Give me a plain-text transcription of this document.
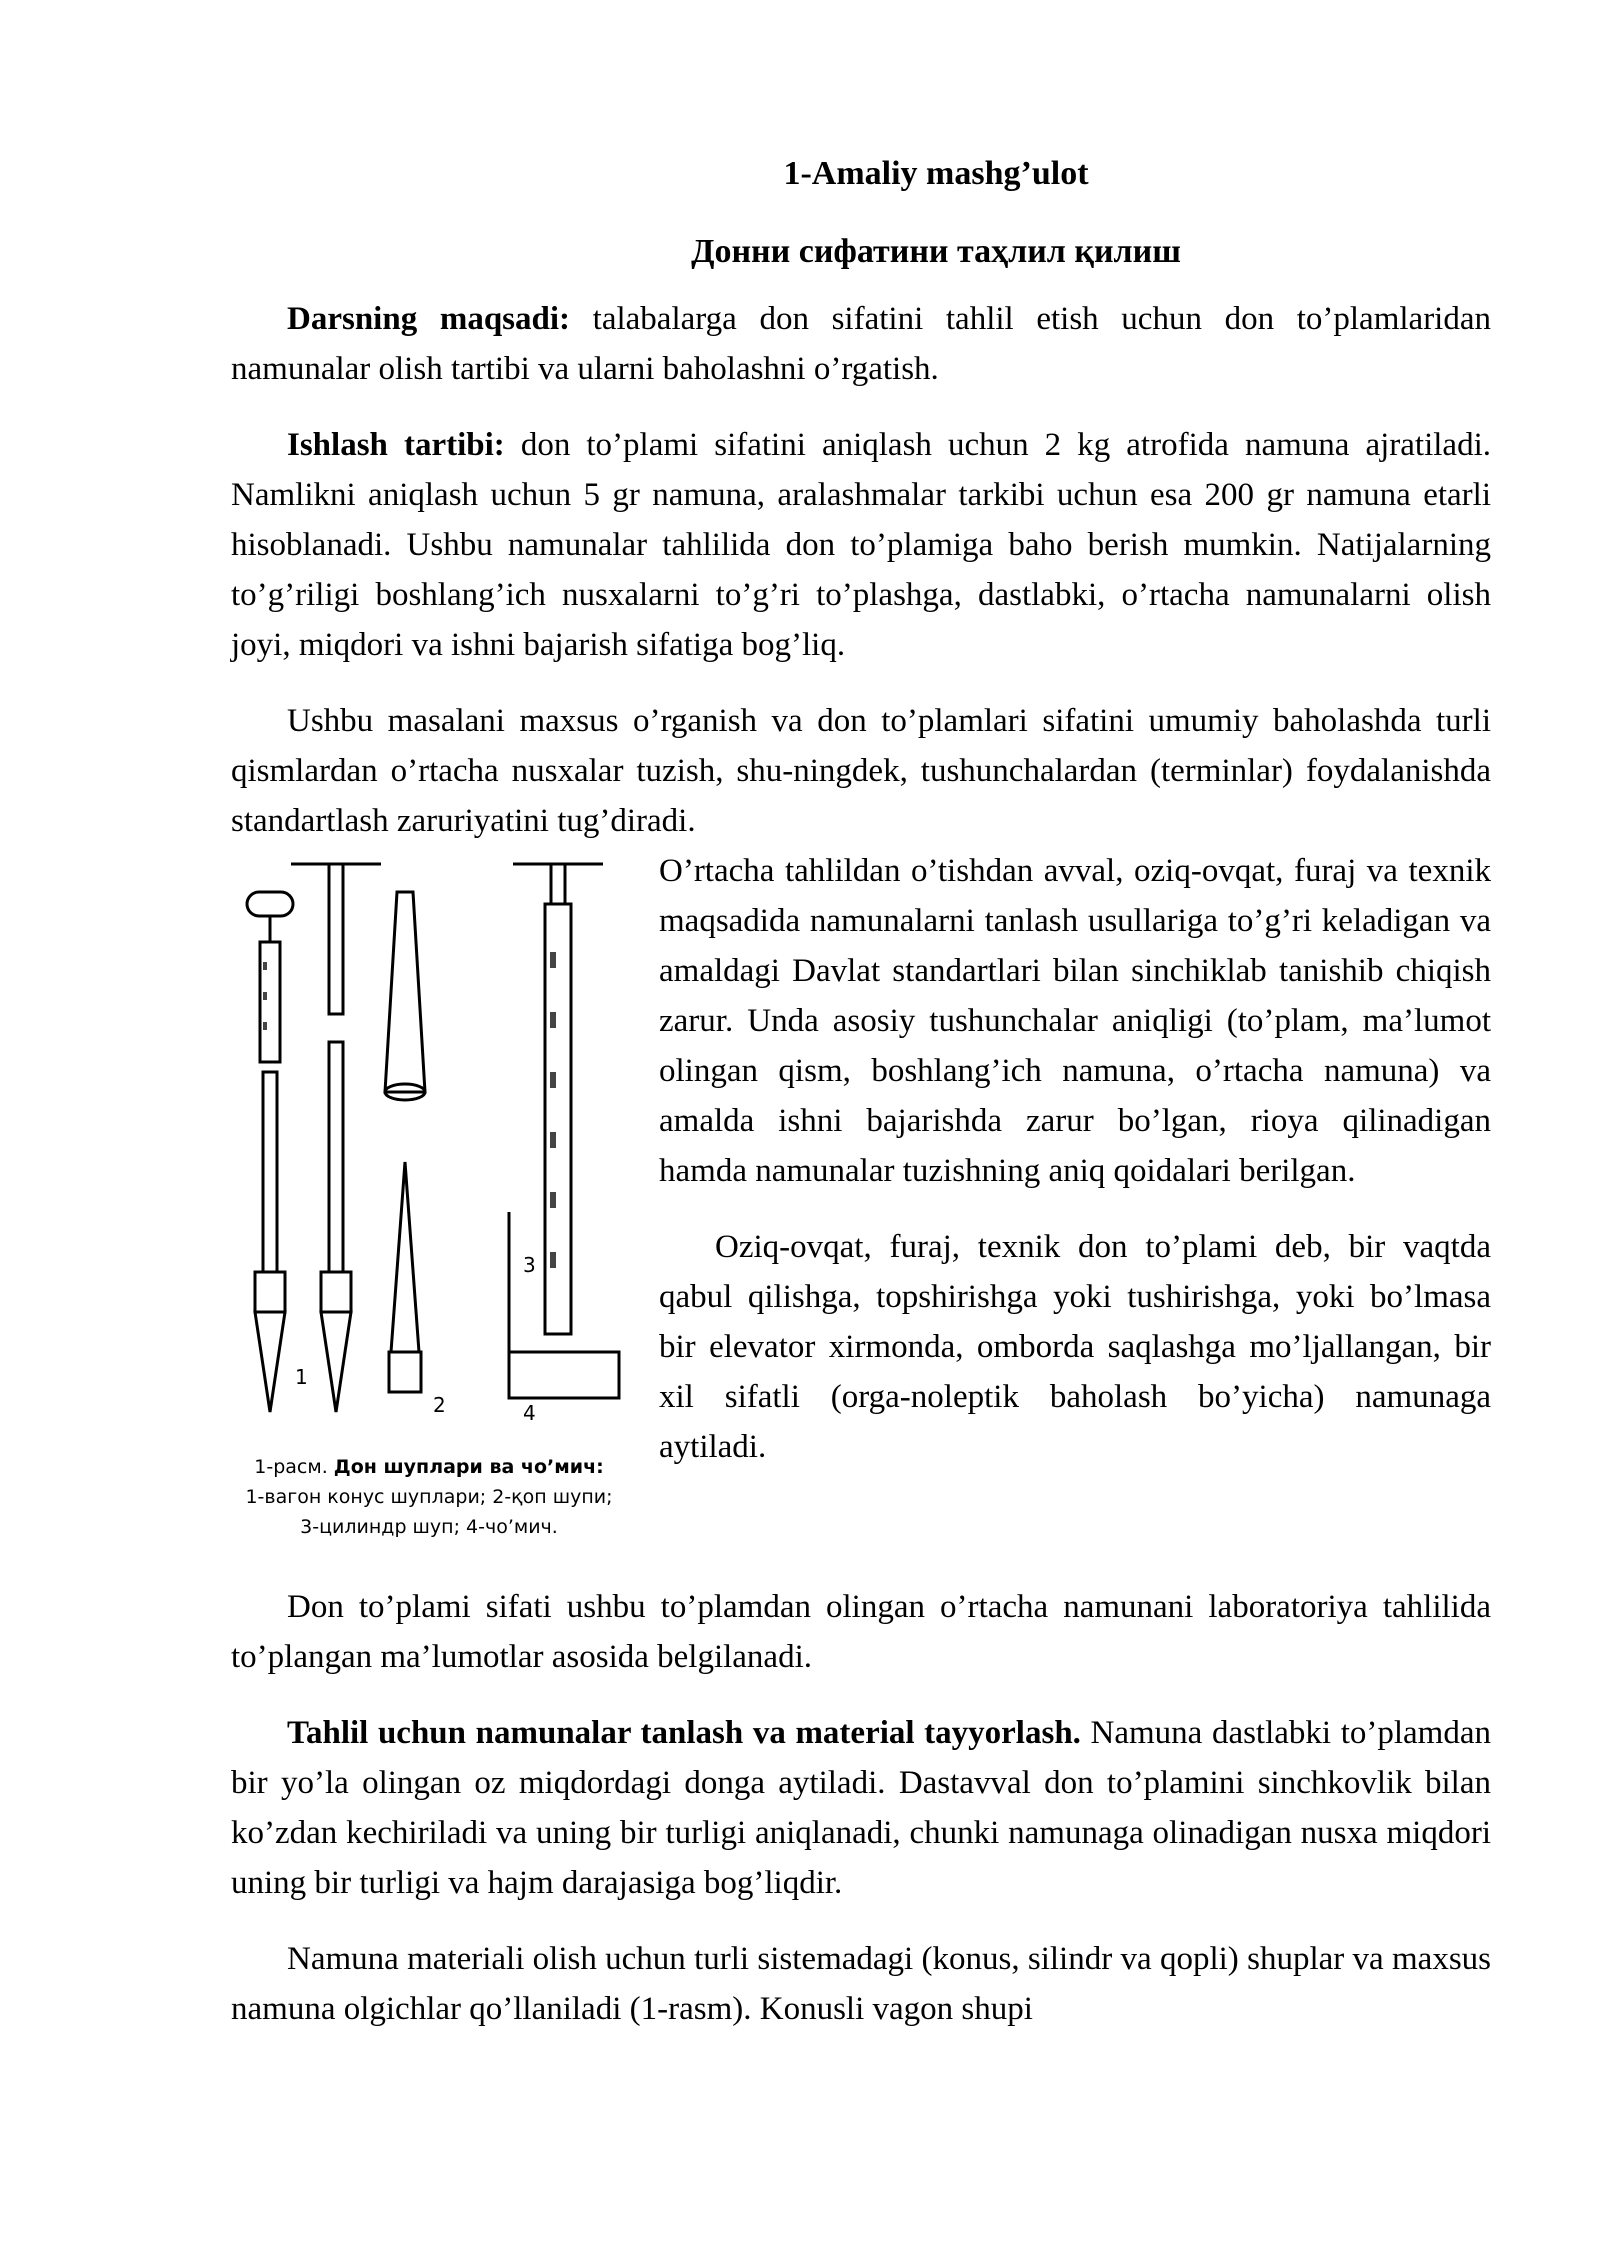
1-Amaliy mashg’ulot
Донни сифатини таҳлил қилиш

Darsning maqsadi: talabalarga don sifatini tahlil etish uchun don to’plamlaridan namunalar olish tartibi va ularni baholashni o’rgatish.

Ishlash tartibi: don to’plami sifatini aniqlash uchun 2 kg atrofida namuna ajratiladi. Namlikni aniqlash uchun 5 gr namuna, aralashmalar tarkibi uchun esa 200 gr namuna etarli hisoblanadi. Ushbu namunalar tahlilida don to’plamiga baho berish mumkin. Natijalarning to’g’riligi boshlang’ich nusxalarni to’g’ri to’plashga, dastlabki, o’rtacha namunalarni olish joyi, miqdori va ishni bajarish sifatiga bog’liq.

Ushbu masalani maxsus o’rganish va don to’plamlari sifatini umumiy baholashda turli qismlardan o’rtacha nusxalar tuzish, shu-ningdek, tushunchalardan (terminlar) foydalanishda standartlash zaruriyatini tug’diradi.

1
2
3
4
1-расм. Дон шуплари ва чо’мич:
1-вагон конус шуплари; 2-қоп шупи;
3-цилиндр шуп; 4-чо’мич.

O’rtacha tahlildan o’tishdan avval, oziq-ovqat, furaj va texnik maqsadida namunalarni tanlash usullariga to’g’ri keladigan va amaldagi Davlat standartlari bilan sinchiklab tanishib chiqish zarur. Unda asosiy tushunchalar aniqligi (to’plam, ma’lumot olingan qism, boshlang’ich namuna, o’rtacha namuna) va amalda ishni bajarishda zarur bo’lgan, rioya qilinadigan hamda namunalar tuzishning aniq qoidalari berilgan.

Oziq-ovqat, furaj, texnik don to’plami deb, bir vaqtda qabul qilishga, topshirishga yoki tushirishga, yoki bo’lmasa bir elevator xirmonda, omborda saqlashga mo’ljallangan, bir xil sifatli (orga-noleptik baholash bo’yicha) namunaga aytiladi.

Don to’plami sifati ushbu to’plamdan olingan o’rtacha namunani laboratoriya tahlilida to’plangan ma’lumotlar asosida belgilanadi.

Tahlil uchun namunalar tanlash va material tayyorlash. Namuna dastlabki to’plamdan bir yo’la olingan oz miqdordagi donga aytiladi. Dastavval don to’plamini sinchkovlik bilan ko’zdan kechiriladi va uning bir turligi aniqlanadi, chunki namunaga olinadigan nusxa miqdori uning bir turligi va hajm darajasiga bog’liqdir.

Namuna materiali olish uchun turli sistemadagi (konus, silindr va qopli) shuplar va maxsus namuna olgichlar qo’llaniladi (1-rasm). Konusli vagon shupi
